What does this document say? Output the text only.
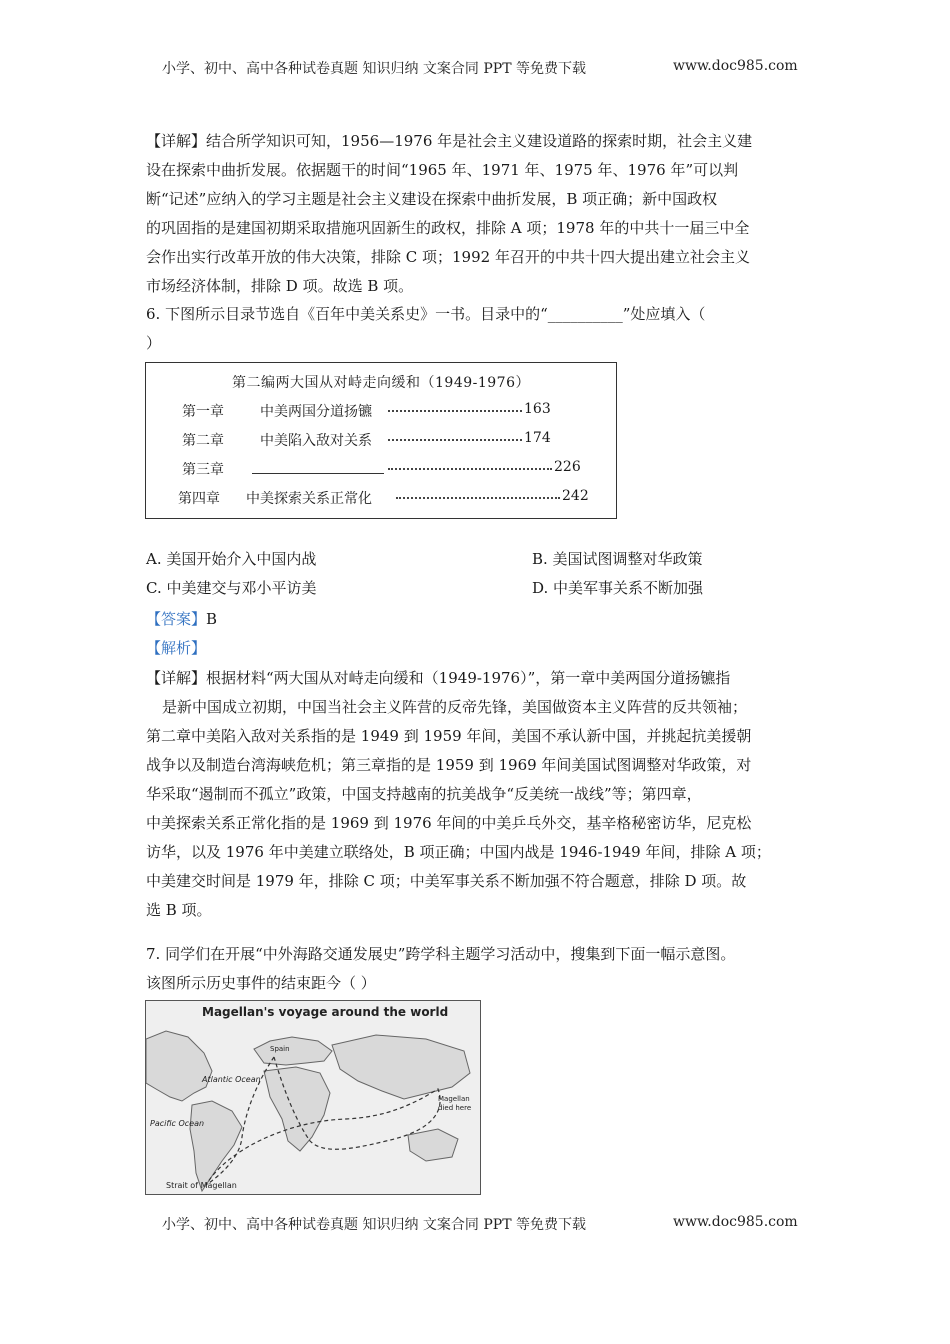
小学、初中、高中各种试卷真题 知识归纳 文案合同 PPT 等免费下载	www.doc985.com
【详解】结合所学知识可知，1956—1976 年是社会主义建设道路的探索时期，社会主义建
设在探索中曲折发展。依据题干的时间“1965 年、1971 年、1975 年、1976 年”可以判
断“记述”应纳入的学习主题是社会主义建设在探索中曲折发展，B 项正确；新中国政权
的巩固指的是建国初期采取措施巩固新生的政权，排除 A 项；1978 年的中共十一届三中全
会作出实行改革开放的伟大决策，排除 C 项；1992 年召开的中共十四大提出建立社会主义
市场经济体制，排除 D 项。故选 B 项。
6. 下图所示目录节选自《百年中美关系史》一书。目录中的“__________”处应填入（
）
第二编两大国从对峙走向缓和（1949-1976）
第一章	中美两国分道扬镳	163
第二章	中美陷入敌对关系	174
第三章	226
第四章 中美探索关系正常化	242
A. 美国开始介入中国内战	B. 美国试图调整对华政策
C. 中美建交与邓小平访美	D. 中美军事关系不断加强
【答案】B
【解析】
【详解】根据材料“两大国从对峙走向缓和（1949-1976）”，第一章中美两国分道扬镳指
是新中国成立初期，中国当社会主义阵营的反帝先锋，美国做资本主义阵营的反共领袖；
第二章中美陷入敌对关系指的是 1949 到 1959 年间，美国不承认新中国，并挑起抗美援朝
战争以及制造台湾海峡危机；第三章指的是 1959 到 1969 年间美国试图调整对华政策，对
华采取“遏制而不孤立”政策，中国支持越南的抗美战争“反美统一战线”等；第四章，
中美探索关系正常化指的是 1969 到 1976 年间的中美乒乓外交，基辛格秘密访华，尼克松
访华，以及 1976 年中美建立联络处，B 项正确；中国内战是 1946-1949 年间，排除 A 项；
中美建交时间是 1979 年，排除 C 项；中美军事关系不断加强不符合题意，排除 D 项。故
选 B 项。
7. 同学们在开展“中外海路交通发展史”跨学科主题学习活动中，搜集到下面一幅示意图。
该图所示历史事件的结束距今（ ）
Magellan's voyage around the world
Spain
Atlantic Ocean
Pacific Ocean
Magellan
died here
Strait of Magellan
小学、初中、高中各种试卷真题 知识归纳 文案合同 PPT 等免费下载	www.doc985.com
